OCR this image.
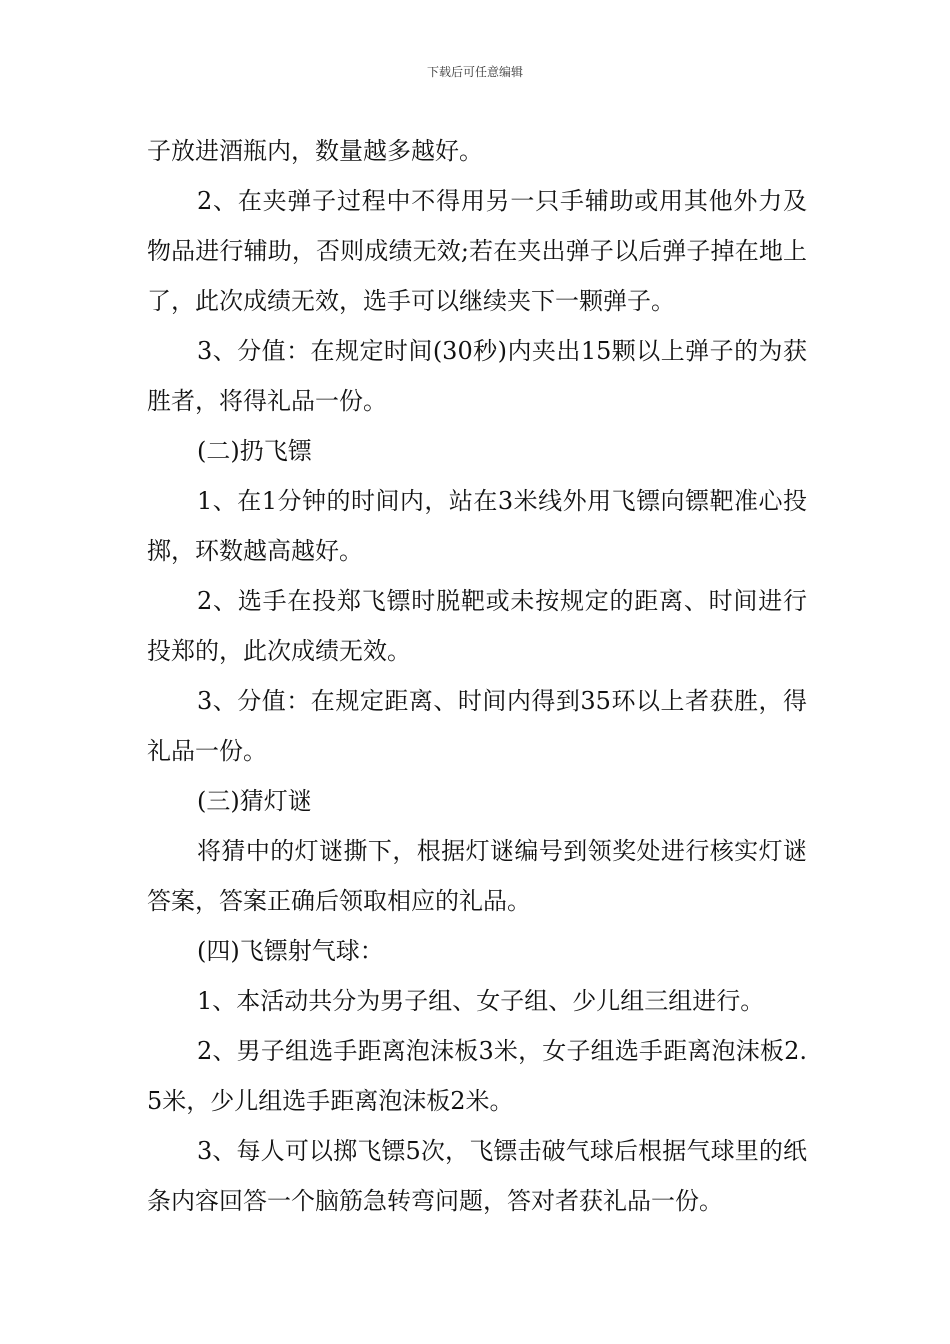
下载后可任意编辑

子放进酒瓶内，数量越多越好。

2、在夹弹子过程中不得用另一只手辅助或用其他外力及物品进行辅助，否则成绩无效;若在夹出弹子以后弹子掉在地上了，此次成绩无效，选手可以继续夹下一颗弹子。

3、分值：在规定时间(30秒)内夹出15颗以上弹子的为获胜者，将得礼品一份。

(二)扔飞镖

1、在1分钟的时间内，站在3米线外用飞镖向镖靶准心投掷，环数越高越好。

2、选手在投郑飞镖时脱靶或未按规定的距离、时间进行投郑的，此次成绩无效。

3、分值：在规定距离、时间内得到35环以上者获胜，得礼品一份。

(三)猜灯谜

将猜中的灯谜撕下，根据灯谜编号到领奖处进行核实灯谜答案，答案正确后领取相应的礼品。

(四)飞镖射气球：

1、本活动共分为男子组、女子组、少儿组三组进行。

2、男子组选手距离泡沫板3米，女子组选手距离泡沫板2.5米，少儿组选手距离泡沫板2米。

3、每人可以掷飞镖5次，飞镖击破气球后根据气球里的纸条内容回答一个脑筋急转弯问题，答对者获礼品一份。
